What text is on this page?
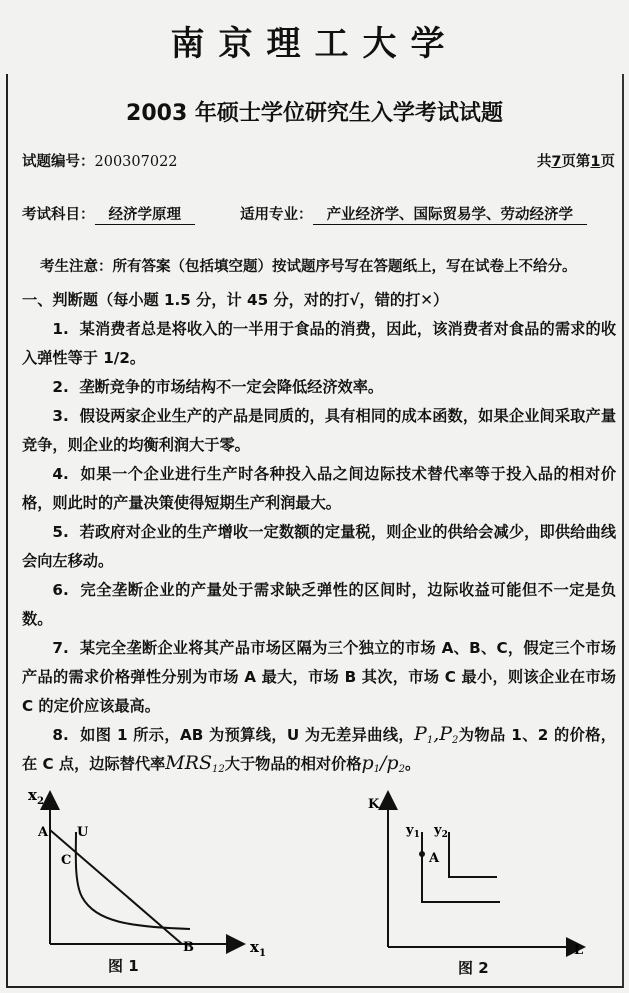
南京理工大学
2003 年硕士学位研究生入学考试试题
试题编号：200307022	共7页第1页
考试科目： 经济学原理	适用专业： 产业经济学、国际贸易学、劳动经济学
考生注意：所有答案（包括填空题）按试题序号写在答题纸上，写在试卷上不给分。

一、判断题（每小题 1.5 分，计 45 分，对的打√，错的打✕）

1. 某消费者总是将收入的一半用于食品的消费，因此，该消费者对食品的需求的收入弹性等于 1/2。

2. 垄断竞争的市场结构不一定会降低经济效率。

3. 假设两家企业生产的产品是同质的，具有相同的成本函数，如果企业间采取产量竞争，则企业的均衡利润大于零。

4. 如果一个企业进行生产时各种投入品之间边际技术替代率等于投入品的相对价格，则此时的产量决策使得短期生产利润最大。

5. 若政府对企业的生产增收一定数额的定量税，则企业的供给会减少，即供给曲线会向左移动。

6. 完全垄断企业的产量处于需求缺乏弹性的区间时，边际收益可能但不一定是负数。

7. 某完全垄断企业将其产品市场区隔为三个独立的市场 A、B、C，假定三个市场产品的需求价格弹性分别为市场 A 最大，市场 B 其次，市场 C 最小，则该企业在市场 C 的定价应该最高。

8. 如图 1 所示，AB 为预算线，U 为无差异曲线，$P_1,P_2$为物品 1、2 的价格，在 C 点，边际替代率$MRS_{12}$大于物品的相对价格$p_1/p_2$。

$x_2$
$x_1$
A U
C
B
图 1
K
L
$y_1$ $y_2$
A
图 2
